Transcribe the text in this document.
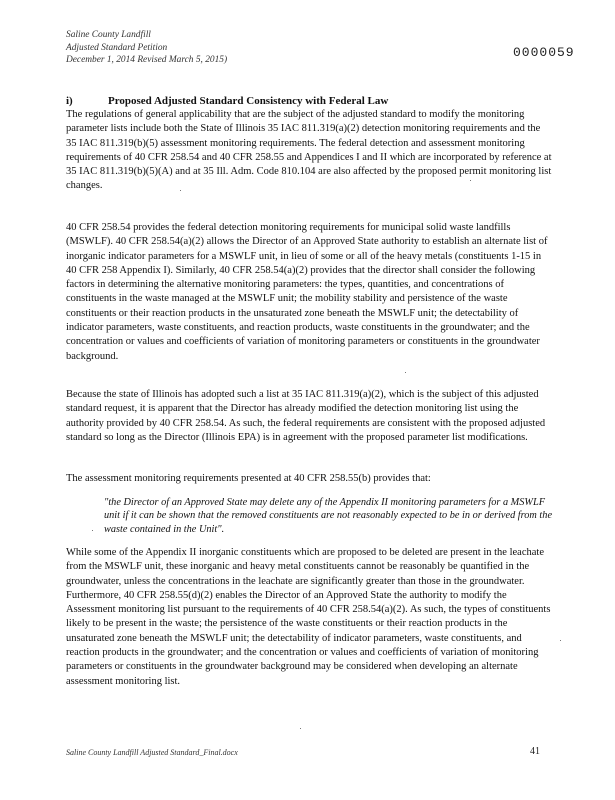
Saline County Landfill
Adjusted Standard Petition
December 1, 2014 Revised March 5, 2015)	0000059
i)	Proposed Adjusted Standard Consistency with Federal Law

The regulations of general applicability that are the subject of the adjusted standard to modify the monitoring parameter lists include both the State of Illinois 35 IAC 811.319(a)(2) detection monitoring requirements and the 35 IAC 811.319(b)(5) assessment monitoring requirements. The federal detection and assessment monitoring requirements of 40 CFR 258.54 and 40 CFR 258.55 and Appendices I and II which are incorporated by reference at 35 IAC 811.319(b)(5)(A) and at 35 Ill. Adm. Code 810.104 are also affected by the proposed permit monitoring list changes.

40 CFR 258.54 provides the federal detection monitoring requirements for municipal solid waste landfills (MSWLF). 40 CFR 258.54(a)(2) allows the Director of an Approved State authority to establish an alternate list of inorganic indicator parameters for a MSWLF unit, in lieu of some or all of the heavy metals (constituents 1-15 in 40 CFR 258 Appendix I). Similarly, 40 CFR 258.54(a)(2) provides that the director shall consider the following factors in determining the alternative monitoring parameters: the types, quantities, and concentrations of constituents in the waste managed at the MSWLF unit; the mobility stability and persistence of the waste constituents or their reaction products in the unsaturated zone beneath the MSWLF unit; the detectability of indicator parameters, waste constituents, and reaction products, waste constituents in the groundwater; and the concentration or values and coefficients of variation of monitoring parameters or constituents in the groundwater background.

Because the state of Illinois has adopted such a list at 35 IAC 811.319(a)(2), which is the subject of this adjusted standard request, it is apparent that the Director has already modified the detection monitoring list using the authority provided by 40 CFR 258.54. As such, the federal requirements are consistent with the proposed adjusted standard so long as the Director (Illinois EPA) is in agreement with the proposed parameter list modifications.

The assessment monitoring requirements presented at 40 CFR 258.55(b) provides that:

"the Director of an Approved State may delete any of the Appendix II monitoring parameters for a MSWLF unit if it can be shown that the removed constituents are not reasonably expected to be in or derived from the waste contained in the Unit".

While some of the Appendix II inorganic constituents which are proposed to be deleted are present in the leachate from the MSWLF unit, these inorganic and heavy metal constituents cannot be reasonably be quantified in the groundwater, unless the concentrations in the leachate are significantly greater than those in the groundwater. Furthermore, 40 CFR 258.55(d)(2) enables the Director of an Approved State the authority to modify the Assessment monitoring list pursuant to the requirements of 40 CFR 258.54(a)(2). As such, the types of constituents likely to be present in the waste; the persistence of the waste constituents or their reaction products in the unsaturated zone beneath the MSWLF unit; the detectability of indicator parameters, waste constituents, and reaction products in the groundwater; and the concentration or values and coefficients of variation of monitoring parameters or constituents in the groundwater background may be considered when developing an alternate assessment monitoring list.

Saline County Landfill Adjusted Standard_Final.docx	41
